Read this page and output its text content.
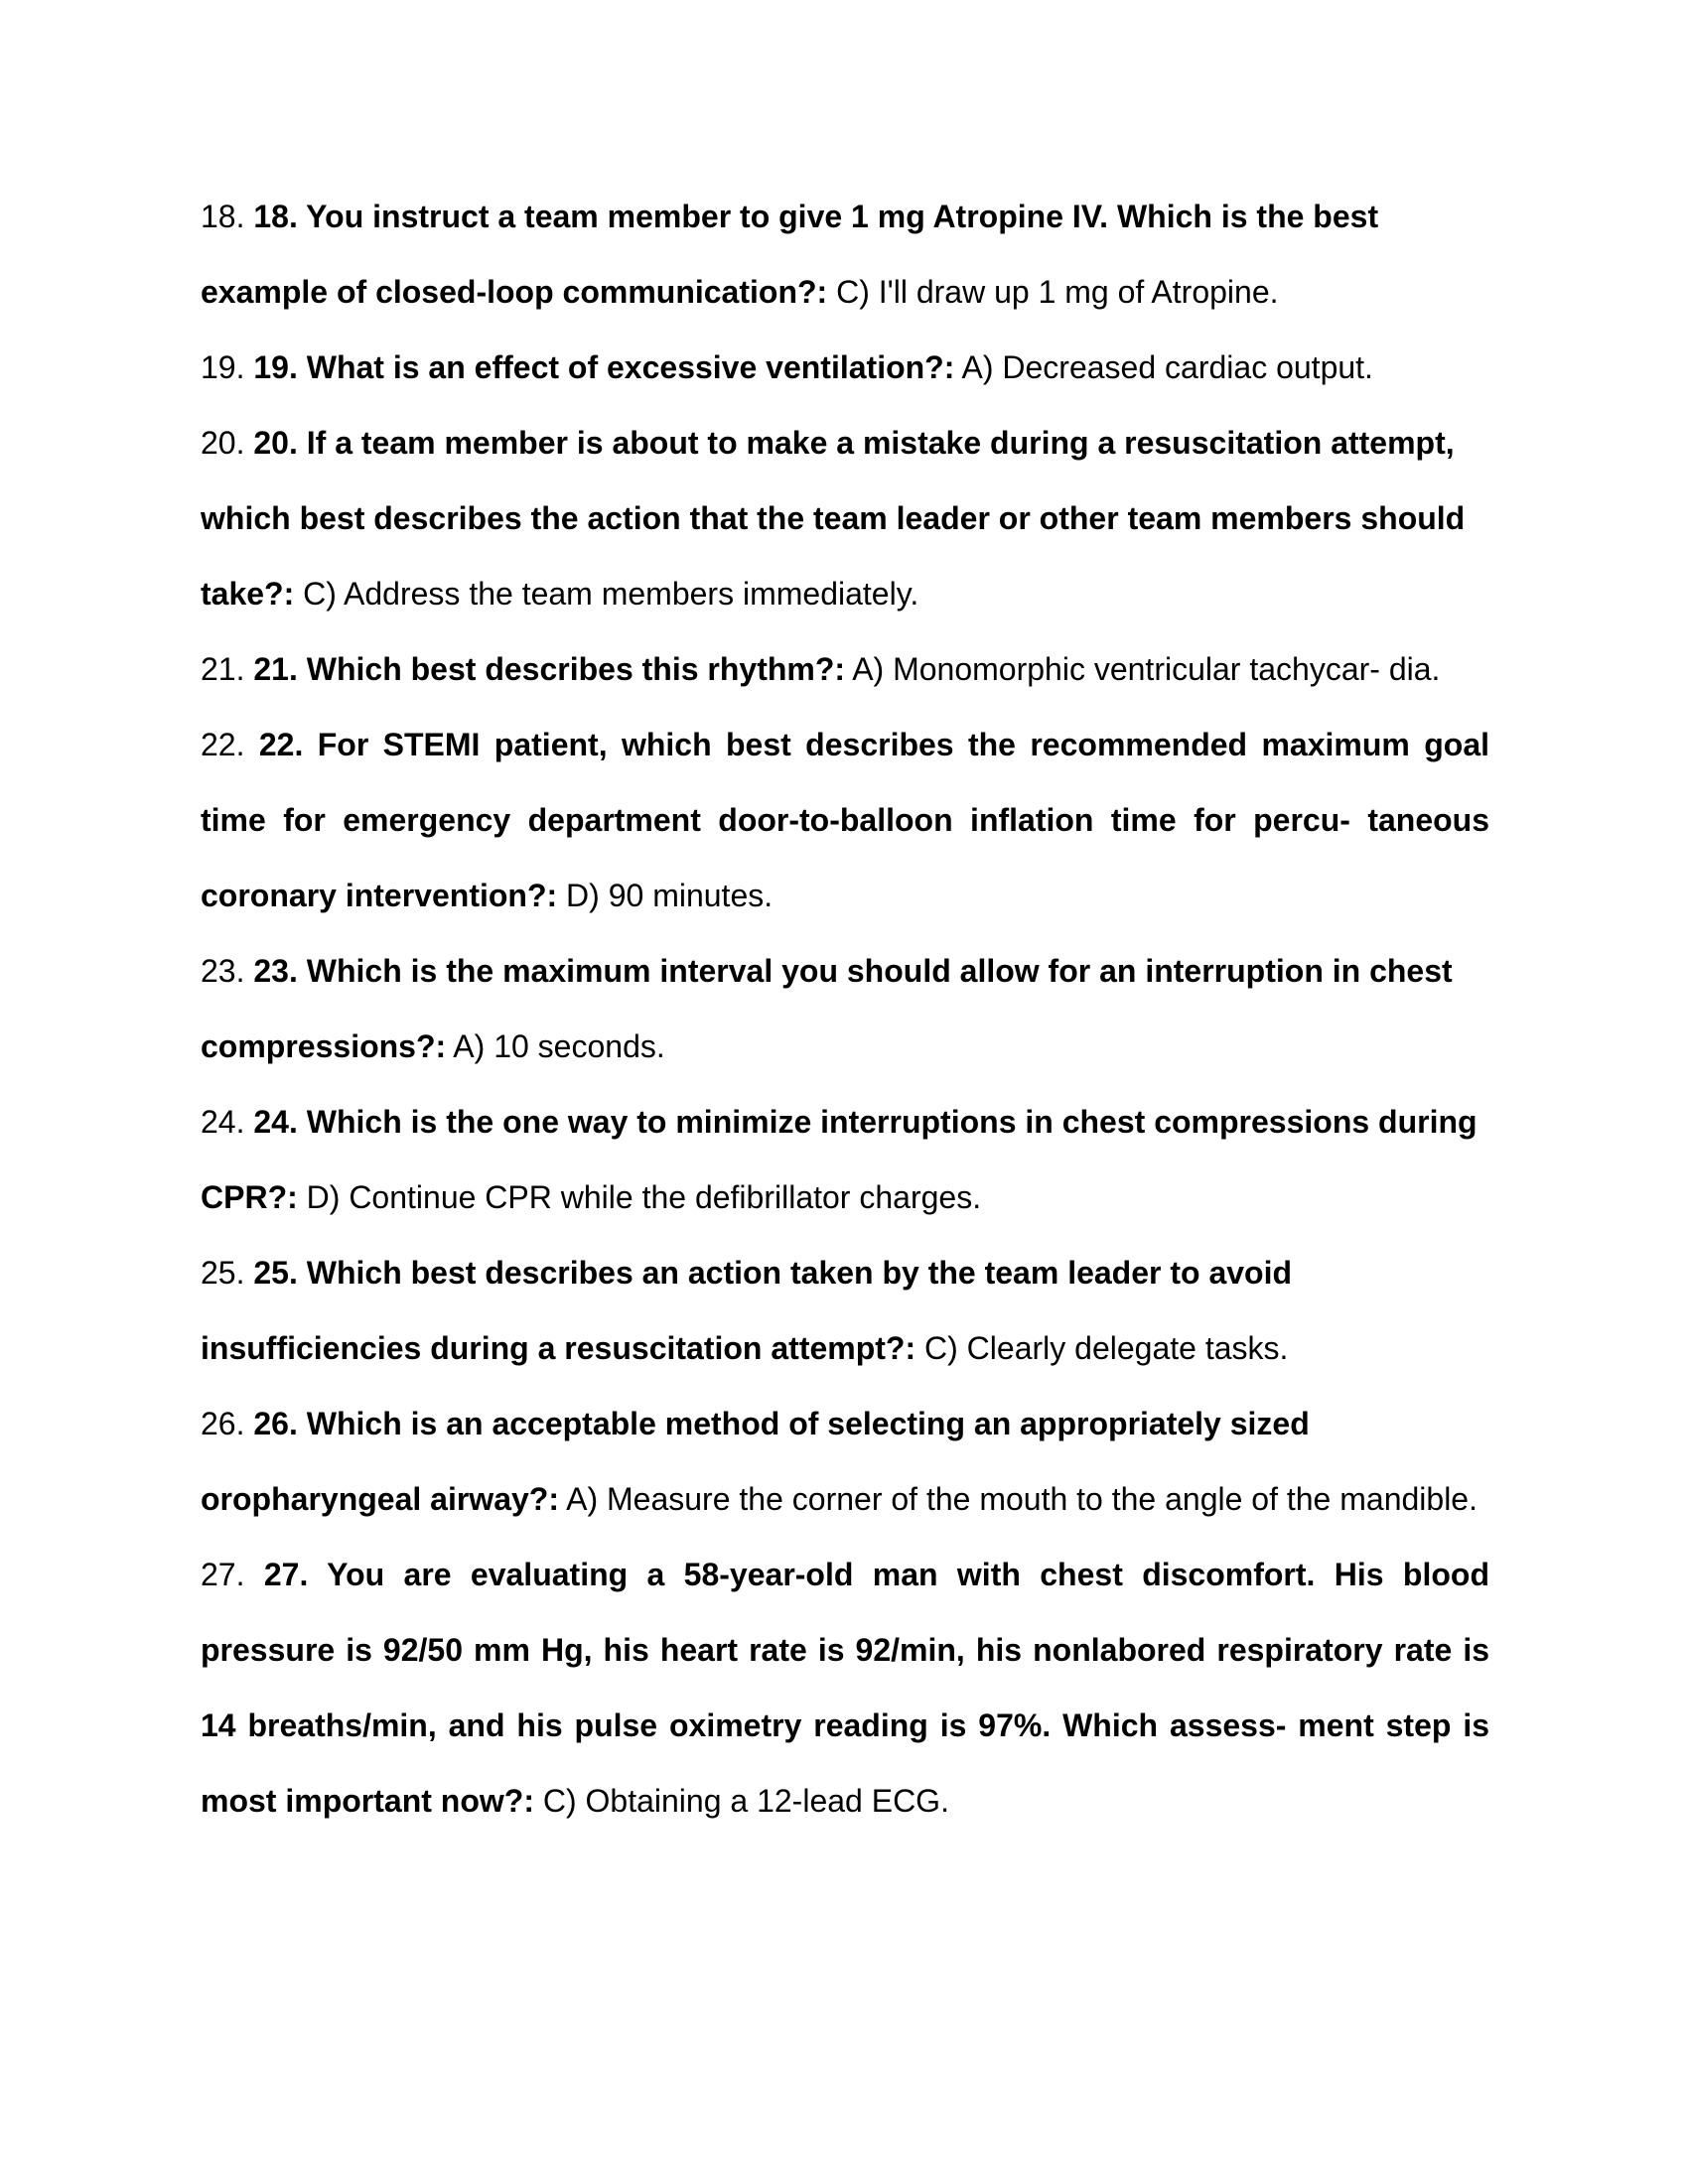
18. 18. You instruct a team member to give 1 mg Atropine IV. Which is the best example of closed-loop communication?: C) I'll draw up 1 mg of Atropine.

19. 19. What is an effect of excessive ventilation?: A) Decreased cardiac output.

20. 20. If a team member is about to make a mistake during a resuscitation attempt, which best describes the action that the team leader or other team members should take?: C) Address the team members immediately.

21. 21. Which best describes this rhythm?: A) Monomorphic ventricular tachycar- dia.

22. 22. For STEMI patient, which best describes the recommended maximum goal time for emergency department door-to-balloon inflation time for percu- taneous coronary intervention?: D) 90 minutes.

23. 23. Which is the maximum interval you should allow for an interruption in chest compressions?: A) 10 seconds.

24. 24. Which is the one way to minimize interruptions in chest compressions during CPR?: D) Continue CPR while the defibrillator charges.

25. 25. Which best describes an action taken by the team leader to avoid insufficiencies during a resuscitation attempt?: C) Clearly delegate tasks.

26. 26. Which is an acceptable method of selecting an appropriately sized oropharyngeal airway?: A) Measure the corner of the mouth to the angle of the mandible.

27. 27. You are evaluating a 58-year-old man with chest discomfort. His blood pressure is 92/50 mm Hg, his heart rate is 92/min, his nonlabored respiratory rate is 14 breaths/min, and his pulse oximetry reading is 97%. Which assess- ment step is most important now?: C) Obtaining a 12-lead ECG.
